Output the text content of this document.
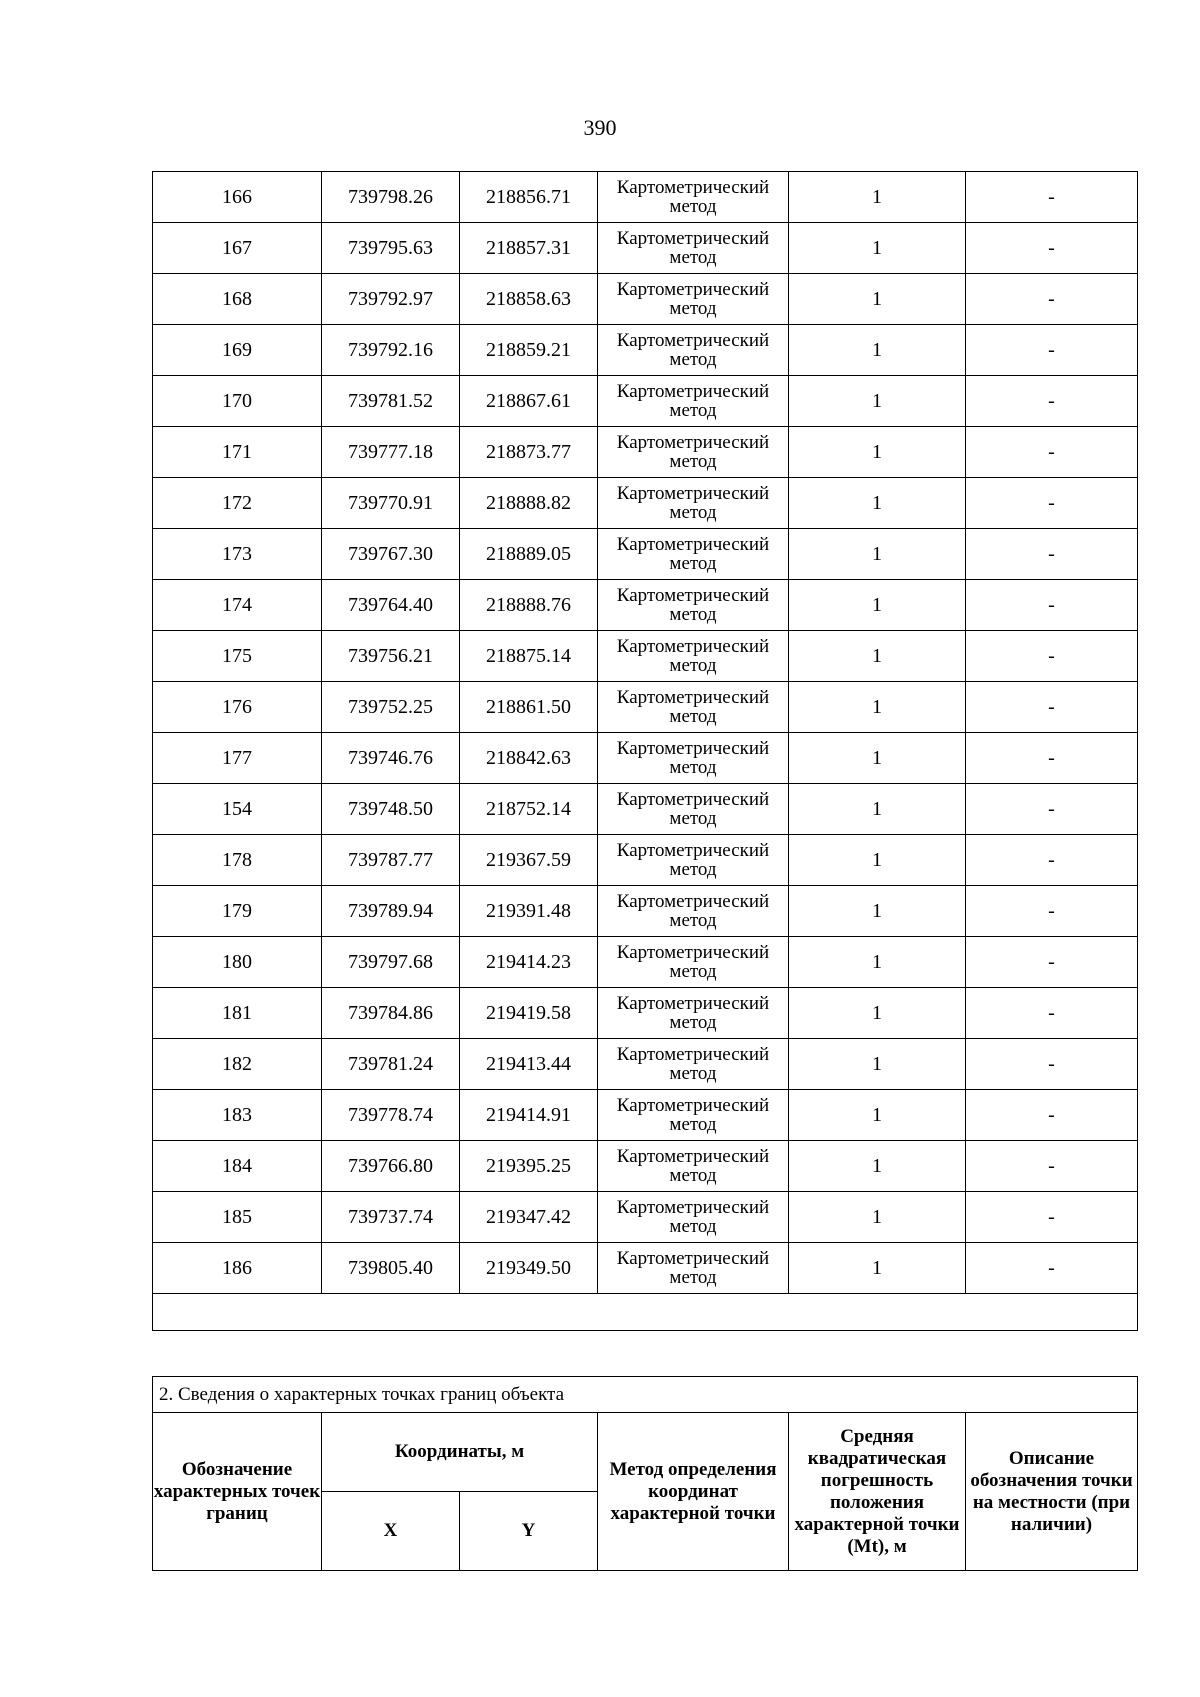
390
166	739798.26	218856.71	Картометрический метод	1	-
167	739795.63	218857.31	Картометрический метод	1	-
168	739792.97	218858.63	Картометрический метод	1	-
169	739792.16	218859.21	Картометрический метод	1	-
170	739781.52	218867.61	Картометрический метод	1	-
171	739777.18	218873.77	Картометрический метод	1	-
172	739770.91	218888.82	Картометрический метод	1	-
173	739767.30	218889.05	Картометрический метод	1	-
174	739764.40	218888.76	Картометрический метод	1	-
175	739756.21	218875.14	Картометрический метод	1	-
176	739752.25	218861.50	Картометрический метод	1	-
177	739746.76	218842.63	Картометрический метод	1	-
154	739748.50	218752.14	Картометрический метод	1	-
178	739787.77	219367.59	Картометрический метод	1	-
179	739789.94	219391.48	Картометрический метод	1	-
180	739797.68	219414.23	Картометрический метод	1	-
181	739784.86	219419.58	Картометрический метод	1	-
182	739781.24	219413.44	Картометрический метод	1	-
183	739778.74	219414.91	Картометрический метод	1	-
184	739766.80	219395.25	Картометрический метод	1	-
185	739737.74	219347.42	Картометрический метод	1	-
186	739805.40	219349.50	Картометрический метод	1	-

2. Сведения о характерных точках границ объекта					
Обозначение характерных точек границ	Координаты, м		Метод определения координат характерной точки	Средняя квадратическая погрешность положения характерной точки (Mt), м	Описание обозначения точки на местности (при наличии)
	X	Y			
